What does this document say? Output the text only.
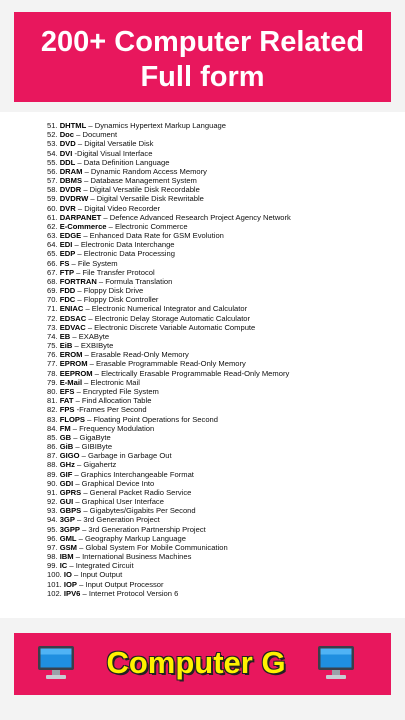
200+ Computer Related
Full form
51. DHTML – Dynamics Hypertext Markup Language
52. Doc – Document
53. DVD – Digital Versatile Disk
54. DVI -Digital Visual Interface
55. DDL – Data Definition Language
56. DRAM – Dynamic Random Access Memory
57. DBMS – Database Management System
58. DVDR – Digital Versatile Disk Recordable
59. DVDRW – Digital Versatile Disk Rewritable
60. DVR – Digital Video Recorder
61. DARPANET – Defence Advanced Research Project Agency Network
62. E-Commerce – Electronic Commerce
63. EDGE – Enhanced Data Rate for GSM Evolution
64. EDI – Electronic Data Interchange
65. EDP – Electronic Data Processing
66. FS – File System
67. FTP – File Transfer Protocol
68. FORTRAN – Formula Translation
69. FDD – Floppy Disk Drive
70. FDC – Floppy Disk Controller
71. ENIAC – Electronic Numerical Integrator and Calculator
72. EDSAC – Electronic Delay Storage Automatic Calculator
73. EDVAC – Electronic Discrete Variable Automatic Compute
74. EB – EXAByte
75. EiB – EXBIByte
76. EROM – Erasable Read-Only Memory
77. EPROM – Erasable Programmable Read-Only Memory
78. EEPROM – Electrically Erasable Programmable Read-Only Memory
79. E-Mail – Electronic Mail
80. EFS – Encrypted File System
81. FAT – Find Allocation Table
82. FPS -Frames Per Second
83. FLOPS – Floating Point Operations for Second
84. FM – Frequency Modulation
85. GB – GigaByte
86. GiB – GIBIByte
87. GIGO – Garbage in Garbage Out
88. GHz – Gigahertz
89. GIF – Graphics Interchangeable Format
90. GDI – Graphical Device Into
91. GPRS – General Packet Radio Service
92. GUI – Graphical User Interface
93. GBPS – Gigabytes/Gigabits Per Second
94. 3GP – 3rd Generation Project
95. 3GPP – 3rd Generation Partnership Project
96. GML – Geography Markup Language
97. GSM – Global System For Mobile Communication
98. IBM – International Business Machines
99. IC – Integrated Circuit
100. IO – Input Output
101. IOP – Input Output Processor
102. IPV6 – Internet Protocol Version 6
Computer G
